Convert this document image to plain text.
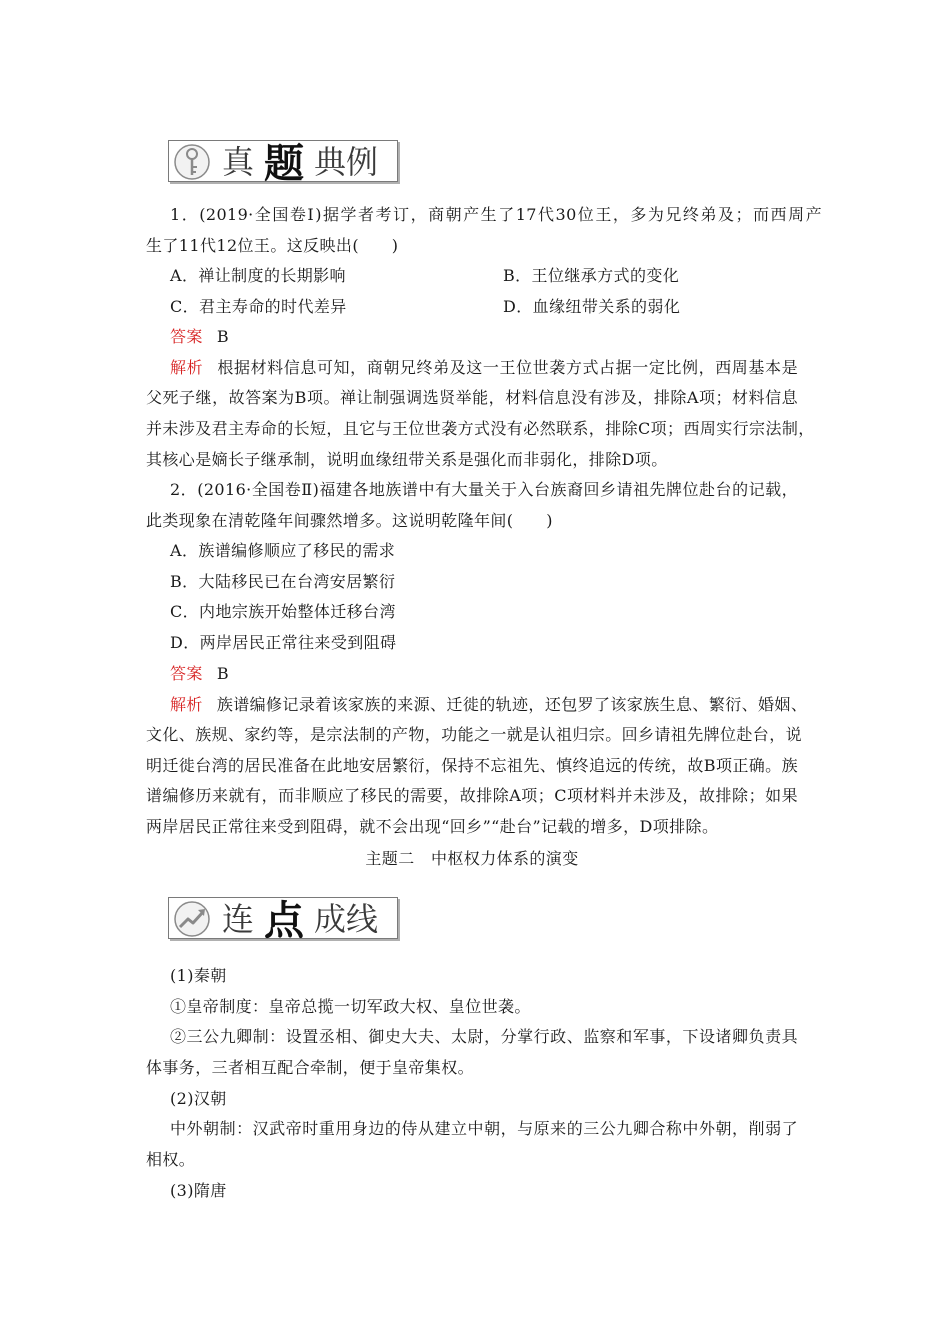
真 题 典例
1．(2019·全国卷Ⅰ)据学者考订，商朝产生了17代30位王，多为兄终弟及；而西周产
生了11代12位王。这反映出(　　)
A．禅让制度的长期影响	B．王位继承方式的变化
C．君主寿命的时代差异	D．血缘纽带关系的弱化
答案 B
解析 根据材料信息可知，商朝兄终弟及这一王位世袭方式占据一定比例，西周基本是
父死子继，故答案为B项。禅让制强调选贤举能，材料信息没有涉及，排除A项；材料信息
并未涉及君主寿命的长短，且它与王位世袭方式没有必然联系，排除C项；西周实行宗法制，
其核心是嫡长子继承制，说明血缘纽带关系是强化而非弱化，排除D项。
2．(2016·全国卷Ⅱ)福建各地族谱中有大量关于入台族裔回乡请祖先牌位赴台的记载，
此类现象在清乾隆年间骤然增多。这说明乾隆年间(　　)
A．族谱编修顺应了移民的需求
B．大陆移民已在台湾安居繁衍
C．内地宗族开始整体迁移台湾
D．两岸居民正常往来受到阻碍
答案 B
解析 族谱编修记录着该家族的来源、迁徙的轨迹，还包罗了该家族生息、繁衍、婚姻、
文化、族规、家约等，是宗法制的产物，功能之一就是认祖归宗。回乡请祖先牌位赴台，说
明迁徙台湾的居民准备在此地安居繁衍，保持不忘祖先、慎终追远的传统，故B项正确。族
谱编修历来就有，而非顺应了移民的需要，故排除A项；C项材料并未涉及，故排除；如果
两岸居民正常往来受到阻碍，就不会出现“回乡”“赴台”记载的增多，D项排除。
主题二　中枢权力体系的演变
连 点 成线
(1)秦朝
①皇帝制度：皇帝总揽一切军政大权、皇位世袭。
②三公九卿制：设置丞相、御史大夫、太尉，分掌行政、监察和军事，下设诸卿负责具
体事务，三者相互配合牵制，便于皇帝集权。
(2)汉朝
中外朝制：汉武帝时重用身边的侍从建立中朝，与原来的三公九卿合称中外朝，削弱了
相权。
(3)隋唐
